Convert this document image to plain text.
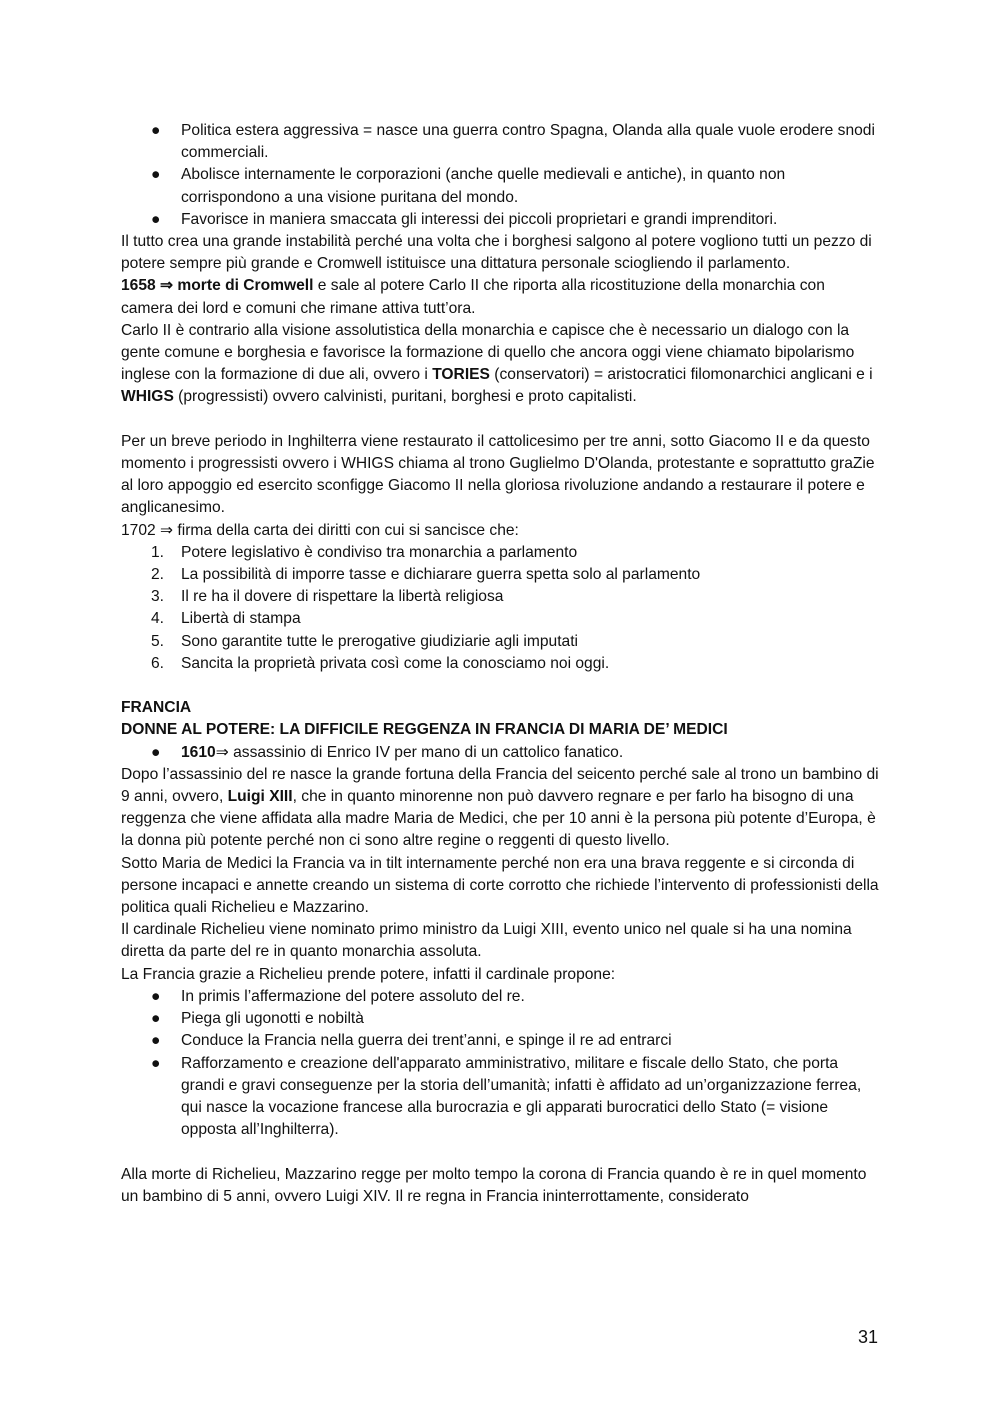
● Politica estera aggressiva = nasce una guerra contro Spagna, Olanda alla quale vuole erodere snodi commerciali.
● Abolisce internamente le corporazioni (anche quelle medievali e antiche), in quanto non corrispondono a una visione puritana del mondo.
● Favorisce in maniera smaccata gli interessi dei piccoli proprietari e grandi imprenditori.

Il tutto crea una grande instabilità perché una volta che i borghesi salgono al potere vogliono tutti un pezzo di potere sempre più grande e Cromwell istituisce una dittatura personale sciogliendo il parlamento.

1658 ⇒ morte di Cromwell e sale al potere Carlo II che riporta alla ricostituzione della monarchia con camera dei lord e comuni che rimane attiva tutt’ora.

Carlo II è contrario alla visione assolutistica della monarchia e capisce che è necessario un dialogo con la gente comune e borghesia e favorisce la formazione di quello che ancora oggi viene chiamato bipolarismo inglese con la formazione di due ali, ovvero i TORIES (conservatori) = aristocratici filomonarchici anglicani e i WHIGS (progressisti) ovvero calvinisti, puritani, borghesi e proto capitalisti.

Per un breve periodo in Inghilterra viene restaurato il cattolicesimo per tre anni, sotto Giacomo II e da questo momento i progressisti ovvero i WHIGS chiama al trono Guglielmo D'Olanda, protestante e soprattutto graZie al loro appoggio ed esercito sconfigge Giacomo II nella gloriosa rivoluzione andando a restaurare il potere e anglicanesimo.

1702 ⇒ firma della carta dei diritti con cui si sancisce che:

1. Potere legislativo è condiviso tra monarchia a parlamento
2. La possibilità di imporre tasse e dichiarare guerra spetta solo al parlamento
3. Il re ha il dovere di rispettare la libertà religiosa
4. Libertà di stampa
5. Sono garantite tutte le prerogative giudiziarie agli imputati
6. Sancita la proprietà privata così come la conosciamo noi oggi.

FRANCIA

DONNE AL POTERE: LA DIFFICILE REGGENZA IN FRANCIA DI MARIA DE’ MEDICI

● 1610⇒ assassinio di Enrico IV per mano di un cattolico fanatico.

Dopo l’assassinio del re nasce la grande fortuna della Francia del seicento perché sale al trono un bambino di 9 anni, ovvero, Luigi XIII, che in quanto minorenne non può davvero regnare e per farlo ha bisogno di una reggenza che viene affidata alla madre Maria de Medici, che per 10 anni è la persona più potente d’Europa, è la donna più potente perché non ci sono altre regine o reggenti di questo livello.

Sotto Maria de Medici la Francia va in tilt internamente perché non era una brava reggente e si circonda di persone incapaci e annette creando un sistema di corte corrotto che richiede l’intervento di professionisti della politica quali Richelieu e Mazzarino.

Il cardinale Richelieu viene nominato primo ministro da Luigi XIII, evento unico nel quale si ha una nomina diretta da parte del re in quanto monarchia assoluta.

La Francia grazie a Richelieu prende potere, infatti il cardinale propone:

● In primis l’affermazione del potere assoluto del re.
● Piega gli ugonotti e nobiltà
● Conduce la Francia nella guerra dei trent’anni, e spinge il re ad entrarci
● Rafforzamento e creazione dell'apparato amministrativo, militare e fiscale dello Stato, che porta grandi e gravi conseguenze per la storia dell’umanità; infatti è affidato ad un’organizzazione ferrea, qui nasce la vocazione francese alla burocrazia e gli apparati burocratici dello Stato (= visione opposta all’Inghilterra).

Alla morte di Richelieu, Mazzarino regge per molto tempo la corona di Francia quando è re in quel momento un bambino di 5 anni, ovvero Luigi XIV. Il re regna in Francia ininterrottamente, considerato

31
